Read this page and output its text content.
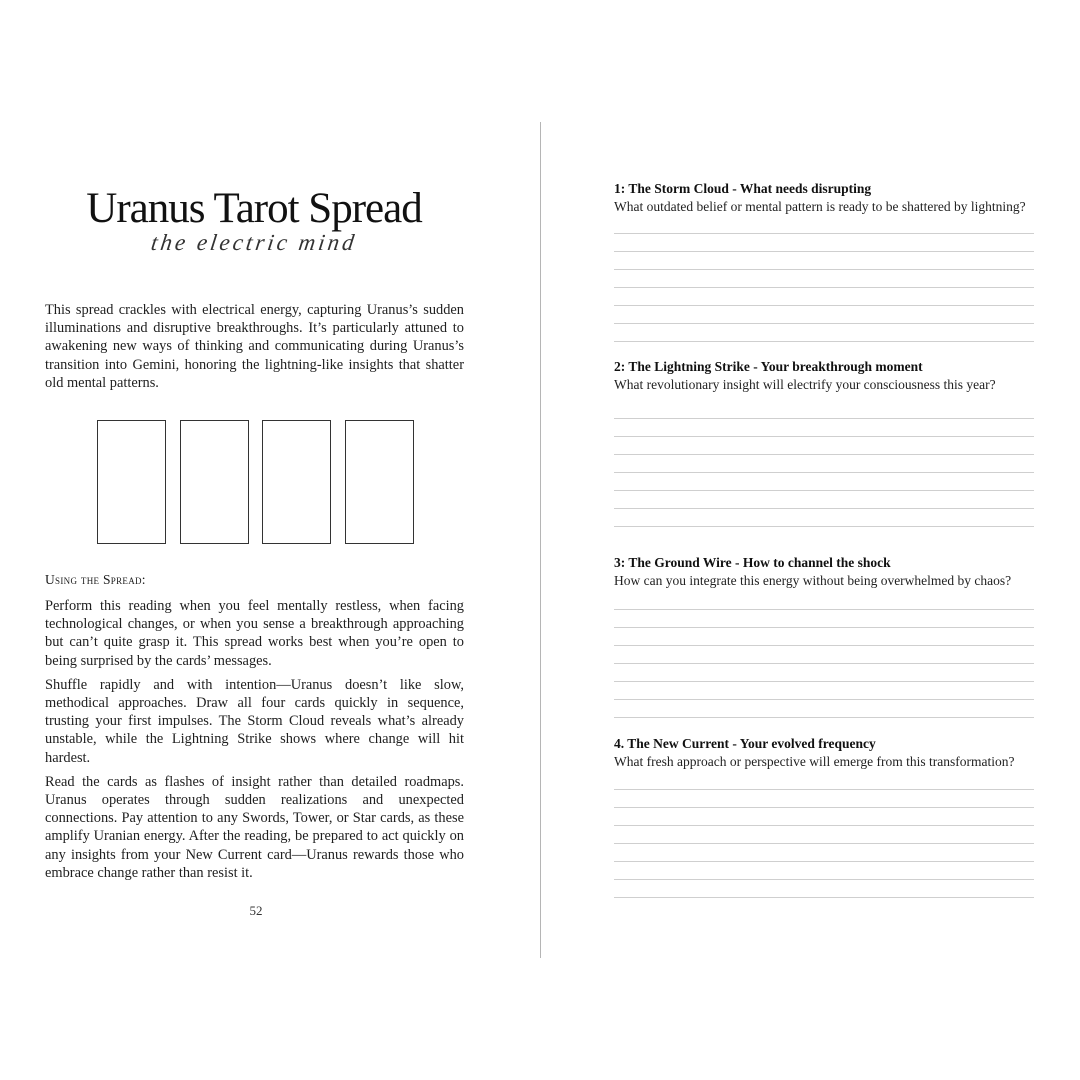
Uranus Tarot Spread
the electric mind

This spread crackles with electrical energy, capturing Uranus’s sudden illuminations and disruptive breakthroughs. It’s particularly attuned to awakening new ways of thinking and communicating during Uranus’s transition into Gemini, honoring the lightning-like insights that shatter old mental patterns.

Using the Spread:

Perform this reading when you feel mentally restless, when facing technological changes, or when you sense a breakthrough approaching but can’t quite grasp it. This spread works best when you’re open to being surprised by the cards’ messages.

Shuffle rapidly and with intention—Uranus doesn’t like slow, methodical approaches. Draw all four cards quickly in sequence, trusting your first impulses. The Storm Cloud reveals what’s already unstable, while the Lightning Strike shows where change will hit hardest.

Read the cards as flashes of insight rather than detailed roadmaps. Uranus operates through sudden realizations and unexpected connections. Pay attention to any Swords, Tower, or Star cards, as these amplify Uranian energy. After the reading, be prepared to act quickly on any insights from your New Current card—Uranus rewards those who embrace change rather than resist it.

52

1: The Storm Cloud - What needs disrupting

What outdated belief or mental pattern is ready to be shattered by lightning?

2: The Lightning Strike - Your breakthrough moment

What revolutionary insight will electrify your consciousness this year?

3: The Ground Wire - How to channel the shock

How can you integrate this energy without being overwhelmed by chaos?

4. The New Current - Your evolved frequency

What fresh approach or perspective will emerge from this transformation?
